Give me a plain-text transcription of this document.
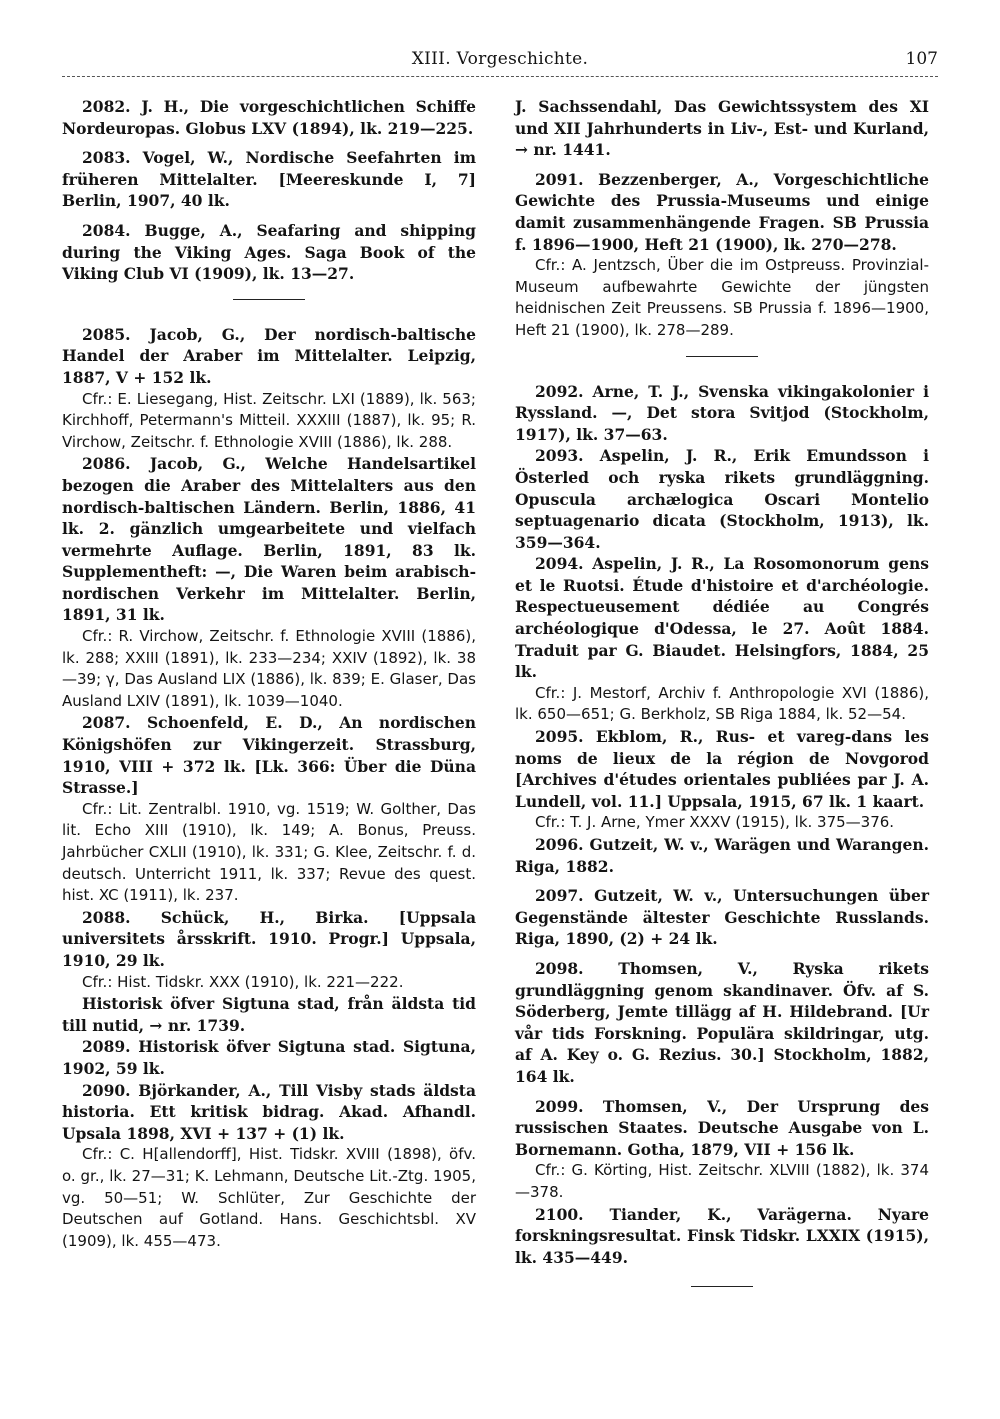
XIII. Vorgeschichte.	107

2082. J. H., Die vorgeschichtlichen Schiffe Nordeuropas. Globus LXV (1894), lk. 219—225.

2083. Vogel, W., Nordische Seefahrten im früheren Mittelalter. [Meereskunde I, 7] Berlin, 1907, 40 lk.

2084. Bugge, A., Seafaring and shipping during the Viking Ages. Saga Book of the Viking Club VI (1909), lk. 13—27.

2085. Jacob, G., Der nordisch-baltische Handel der Araber im Mittelalter. Leipzig, 1887, V + 152 lk.

Cfr.: E. Liesegang, Hist. Zeitschr. LXI (1889), lk. 563; Kirchhoff, Petermann's Mitteil. XXXIII (1887), lk. 95; R. Virchow, Zeitschr. f. Ethnologie XVIII (1886), lk. 288.

2086. Jacob, G., Welche Handelsartikel bezogen die Araber des Mittelalters aus den nordisch-baltischen Ländern. Berlin, 1886, 41 lk. 2. gänzlich umgearbeitete und vielfach vermehrte Auflage. Berlin, 1891, 83 lk. Supplementheft: —, Die Waren beim arabisch-nordischen Verkehr im Mittelalter. Berlin, 1891, 31 lk.

Cfr.: R. Virchow, Zeitschr. f. Ethnologie XVIII (1886), lk. 288; XXIII (1891), lk. 233—234; XXIV (1892), lk. 38—39; γ, Das Ausland LIX (1886), lk. 839; E. Glaser, Das Ausland LXIV (1891), lk. 1039—1040.

2087. Schoenfeld, E. D., An nordischen Königshöfen zur Vikingerzeit. Strassburg, 1910, VIII + 372 lk. [Lk. 366: Über die Düna Strasse.]

Cfr.: Lit. Zentralbl. 1910, vg. 1519; W. Golther, Das lit. Echo XIII (1910), lk. 149; A. Bonus, Preuss. Jahrbücher CXLII (1910), lk. 331; G. Klee, Zeitschr. f. d. deutsch. Unterricht 1911, lk. 337; Revue des quest. hist. XC (1911), lk. 237.

2088. Schück, H., Birka. [Uppsala universitets årsskrift. 1910. Progr.] Uppsala, 1910, 29 lk.

Cfr.: Hist. Tidskr. XXX (1910), lk. 221—222.

Historisk öfver Sigtuna stad, från äldsta tid till nutid, → nr. 1739.

2089. Historisk öfver Sigtuna stad. Sigtuna, 1902, 59 lk.

2090. Björkander, A., Till Visby stads äldsta historia. Ett kritisk bidrag. Akad. Afhandl. Upsala 1898, XVI + 137 + (1) lk.

Cfr.: C. H[allendorff], Hist. Tidskr. XVIII (1898), öfv. o. gr., lk. 27—31; K. Lehmann, Deutsche Lit.-Ztg. 1905, vg. 50—51; W. Schlüter, Zur Geschichte der Deutschen auf Gotland. Hans. Geschichtsbl. XV (1909), lk. 455—473.

J. Sachssendahl, Das Gewichtssystem des XI und XII Jahrhunderts in Liv-, Est- und Kurland, → nr. 1441.

2091. Bezzenberger, A., Vorgeschichtliche Gewichte des Prussia-Museums und einige damit zusammenhängende Fragen. SB Prussia f. 1896—1900, Heft 21 (1900), lk. 270—278.

Cfr.: A. Jentzsch, Über die im Ostpreuss. Provinzial-Museum aufbewahrte Gewichte der jüngsten heidnischen Zeit Preussens. SB Prussia f. 1896—1900, Heft 21 (1900), lk. 278—289.

2092. Arne, T. J., Svenska vikingakolonier i Ryssland. —, Det stora Svitjod (Stockholm, 1917), lk. 37—63.

2093. Aspelin, J. R., Erik Emundsson i Österled och ryska rikets grundläggning. Opuscula archælogica Oscari Montelio septuagenario dicata (Stockholm, 1913), lk. 359—364.

2094. Aspelin, J. R., La Rosomonorum gens et le Ruotsi. Étude d'histoire et d'archéologie. Respectueusement dédiée au Congrés archéologique d'Odessa, le 27. Août 1884. Traduit par G. Biaudet. Helsingfors, 1884, 25 lk.

Cfr.: J. Mestorf, Archiv f. Anthropologie XVI (1886), lk. 650—651; G. Berkholz, SB Riga 1884, lk. 52—54.

2095. Ekblom, R., Rus- et vareg-dans les noms de lieux de la région de Novgorod [Archives d'études orientales publiées par J. A. Lundell, vol. 11.] Uppsala, 1915, 67 lk. 1 kaart.

Cfr.: T. J. Arne, Ymer XXXV (1915), lk. 375—376.

2096. Gutzeit, W. v., Warägen und Warangen. Riga, 1882.

2097. Gutzeit, W. v., Untersuchungen über Gegenstände ältester Geschichte Russlands. Riga, 1890, (2) + 24 lk.

2098. Thomsen, V., Ryska rikets grundläggning genom skandinaver. Öfv. af S. Söderberg, Jemte tillägg af H. Hildebrand. [Ur vår tids Forskning. Populära skildringar, utg. af A. Key o. G. Rezius. 30.] Stockholm, 1882, 164 lk.

2099. Thomsen, V., Der Ursprung des russischen Staates. Deutsche Ausgabe von L. Bornemann. Gotha, 1879, VII + 156 lk.

Cfr.: G. Körting, Hist. Zeitschr. XLVIII (1882), lk. 374—378.

2100. Tiander, K., Varägerna. Nyare forskningsresultat. Finsk Tidskr. LXXIX (1915), lk. 435—449.
